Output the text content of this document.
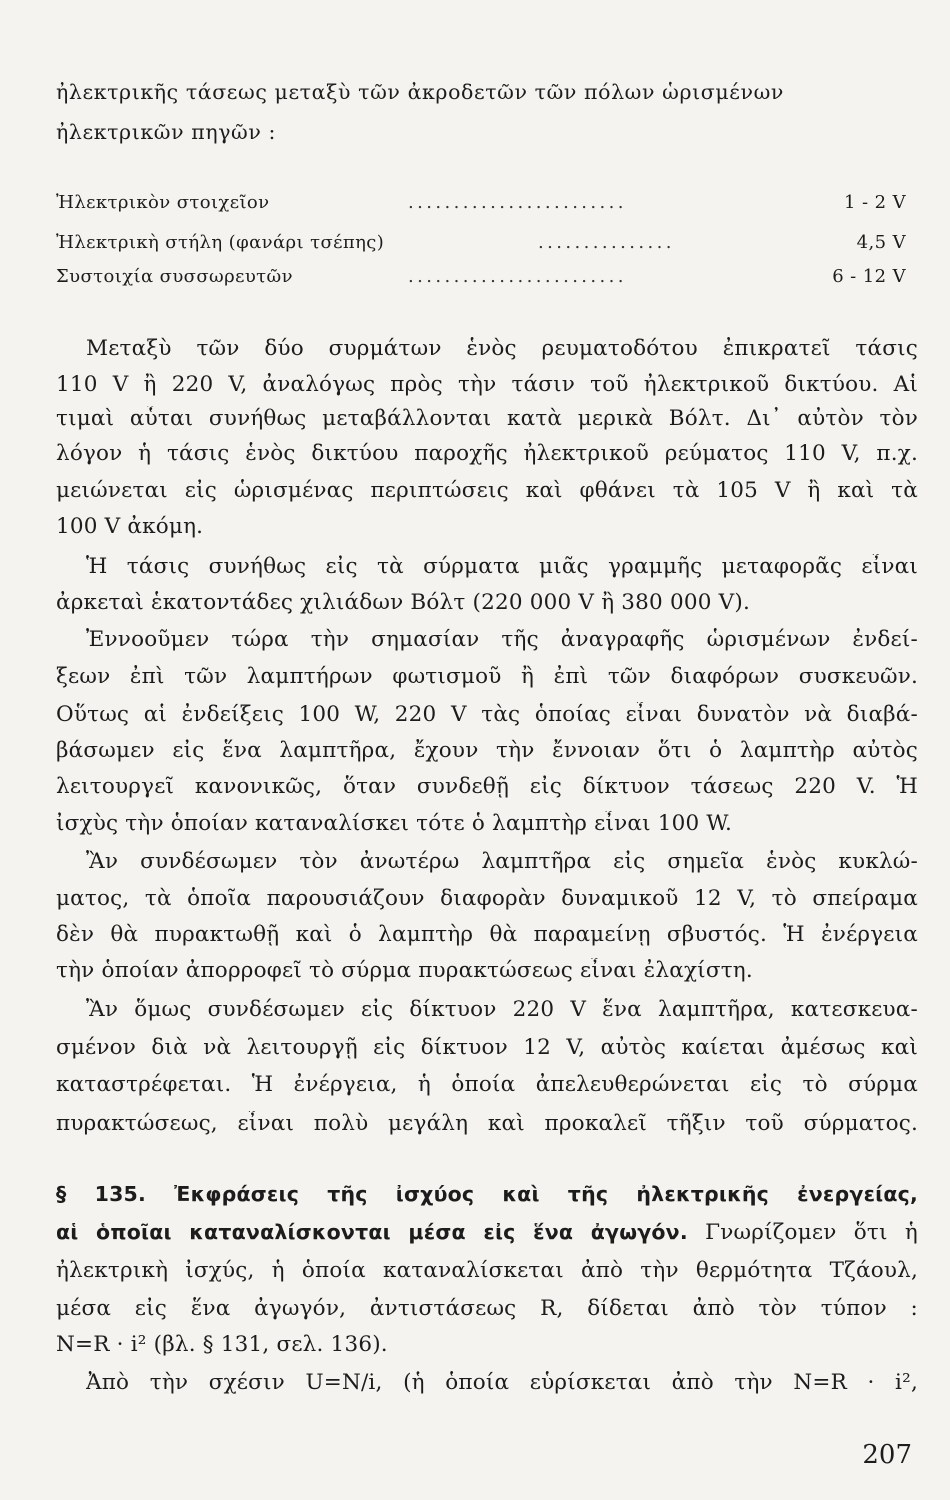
ἠλεκτρικῆς τάσεως μεταξὺ τῶν ἀκροδετῶν τῶν πόλων ὡρισμένων
ἠλεκτρικῶν πηγῶν :
Ἠλεκτρικὸν στοιχεῖον	........................	1 - 2 V
Ἠλεκτρικὴ στήλη (φανάρι τσέπης)	...............	4,5 V
Συστοιχία συσσωρευτῶν	........................	6 - 12 V
Μεταξὺ τῶν δύο συρμάτων ἑνὸς ρευματοδότου ἐπικρατεῖ τάσις
110 V ἢ 220 V, ἀναλόγως πρὸς τὴν τάσιν τοῦ ἠλεκτρικοῦ δικτύου. Αἱ
τιμαὶ αὗται συνήθως μεταβάλλονται κατὰ μερικὰ Βόλτ. Δι᾽ αὐτὸν τὸν
λόγον ἡ τάσις ἑνὸς δικτύου παροχῆς ἠλεκτρικοῦ ρεύματος 110 V, π.χ.
μειώνεται εἰς ὡρισμένας περιπτώσεις καὶ φθάνει τὰ 105 V ἢ καὶ τὰ
100 V ἀκόμη.
Ἡ τάσις συνήθως εἰς τὰ σύρματα μιᾶς γραμμῆς μεταφορᾶς εἶναι
ἀρκεταὶ ἑκατοντάδες χιλιάδων Βόλτ (220 000 V ἢ 380 000 V).
Ἐννοοῦμεν τώρα τὴν σημασίαν τῆς ἀναγραφῆς ὡρισμένων ἐνδεί-
ξεων ἐπὶ τῶν λαμπτήρων φωτισμοῦ ἢ ἐπὶ τῶν διαφόρων συσκευῶν.
Οὕτως αἱ ἐνδείξεις 100 W, 220 V τὰς ὁποίας εἶναι δυνατὸν νὰ διαβά-
βάσωμεν εἰς ἕνα λαμπτῆρα, ἔχουν τὴν ἔννοιαν ὅτι ὁ λαμπτὴρ αὐτὸς
λειτουργεῖ κανονικῶς, ὅταν συνδεθῇ εἰς δίκτυον τάσεως 220 V. Ἡ
ἰσχὺς τὴν ὁποίαν καταναλίσκει τότε ὁ λαμπτὴρ εἶναι 100 W.
Ἂν συνδέσωμεν τὸν ἀνωτέρω λαμπτῆρα εἰς σημεῖα ἑνὸς κυκλώ-
ματος, τὰ ὁποῖα παρουσιάζουν διαφορὰν δυναμικοῦ 12 V, τὸ σπείραμα
δὲν θὰ πυρακτωθῇ καὶ ὁ λαμπτὴρ θὰ παραμείνῃ σβυστός. Ἡ ἐνέργεια
τὴν ὁποίαν ἀπορροφεῖ τὸ σύρμα πυρακτώσεως εἶναι ἐλαχίστη.
Ἂν ὅμως συνδέσωμεν εἰς δίκτυον 220 V ἕνα λαμπτῆρα, κατεσκευα-
σμένον διὰ νὰ λειτουργῇ εἰς δίκτυον 12 V, αὐτὸς καίεται ἀμέσως καὶ
καταστρέφεται. Ἡ ἐνέργεια, ἡ ὁποία ἀπελευθερώνεται εἰς τὸ σύρμα
πυρακτώσεως, εἶναι πολὺ μεγάλη καὶ προκαλεῖ τῆξιν τοῦ σύρματος.
§ 135. Ἐκφράσεις τῆς ἰσχύος καὶ τῆς ἠλεκτρικῆς ἐνεργείας,
αἱ ὁποῖαι καταναλίσκονται μέσα εἰς ἕνα ἀγωγόν. Γνωρίζομεν ὅτι ἡ
ἠλεκτρικὴ ἰσχύς, ἡ ὁποία καταναλίσκεται ἀπὸ τὴν θερμότητα Τζάουλ,
μέσα εἰς ἕνα ἀγωγόν, ἀντιστάσεως R, δίδεται ἀπὸ τὸν τύπον :
N=R · i² (βλ. § 131, σελ. 136).
Ἀπὸ τὴν σχέσιν U=N/i, (ἡ ὁποία εὑρίσκεται ἀπὸ τὴν N=R · i²,
207
